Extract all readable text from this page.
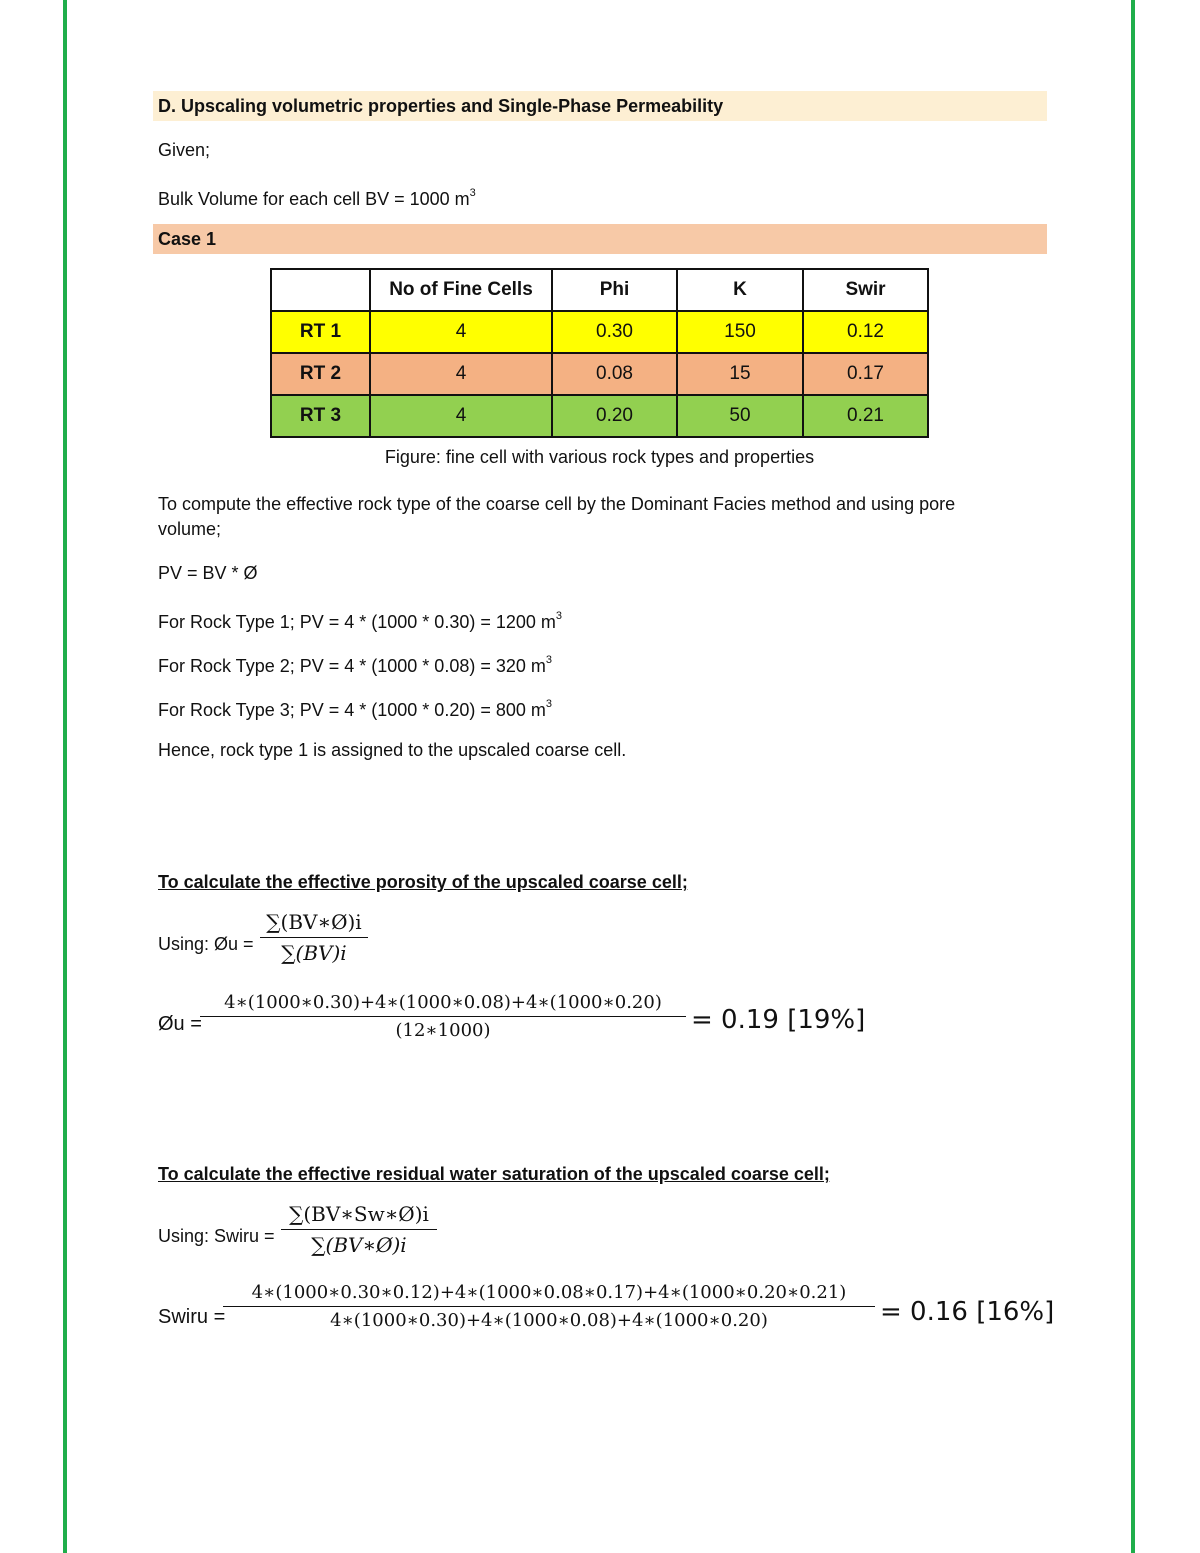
D. Upscaling volumetric properties and Single-Phase Permeability
Given;
Bulk Volume for each cell BV = 1000 $m^3$
Case 1
	No of Fine Cells	Phi	K	Swir
RT 1	4	0.30	150	0.12
RT 2	4	0.08	15	0.17
RT 3	4	0.20	50	0.21
Figure: fine cell with various rock types and properties
To compute the effective rock type of the coarse cell by the Dominant Facies method and using pore
volume;
PV = BV * Ø
For Rock Type 1; PV = 4 * (1000 * 0.30) = 1200 $m^3$
For Rock Type 2; PV = 4 * (1000 * 0.08) = 320 $m^3$
For Rock Type 3; PV = 4 * (1000 * 0.20) = 800 $m^3$
Hence, rock type 1 is assigned to the upscaled coarse cell.
To calculate the effective porosity of the upscaled coarse cell;
Using: Øu = $\frac{\sum(BV∗Ø)i}{\sum(BV)i}$
Øu =
$\frac{4∗(1000∗0.30)+4∗(1000∗0.08)+4∗(1000∗0.20)}{(12∗1000)} = 0.19$ [19%]
To calculate the effective residual water saturation of the upscaled coarse cell;
Using: Swiru = $\frac{\sum(BV∗Sw∗Ø)i}{\sum(BV∗Ø)i}$
Swiru =
$\frac{4∗(1000∗0.30∗0.12)+4∗(1000∗0.08∗0.17)+4∗(1000∗0.20∗0.21)}{4∗(1000∗0.30)+4∗(1000∗0.08)+4∗(1000∗0.20)} = 0.16$ [16%]
